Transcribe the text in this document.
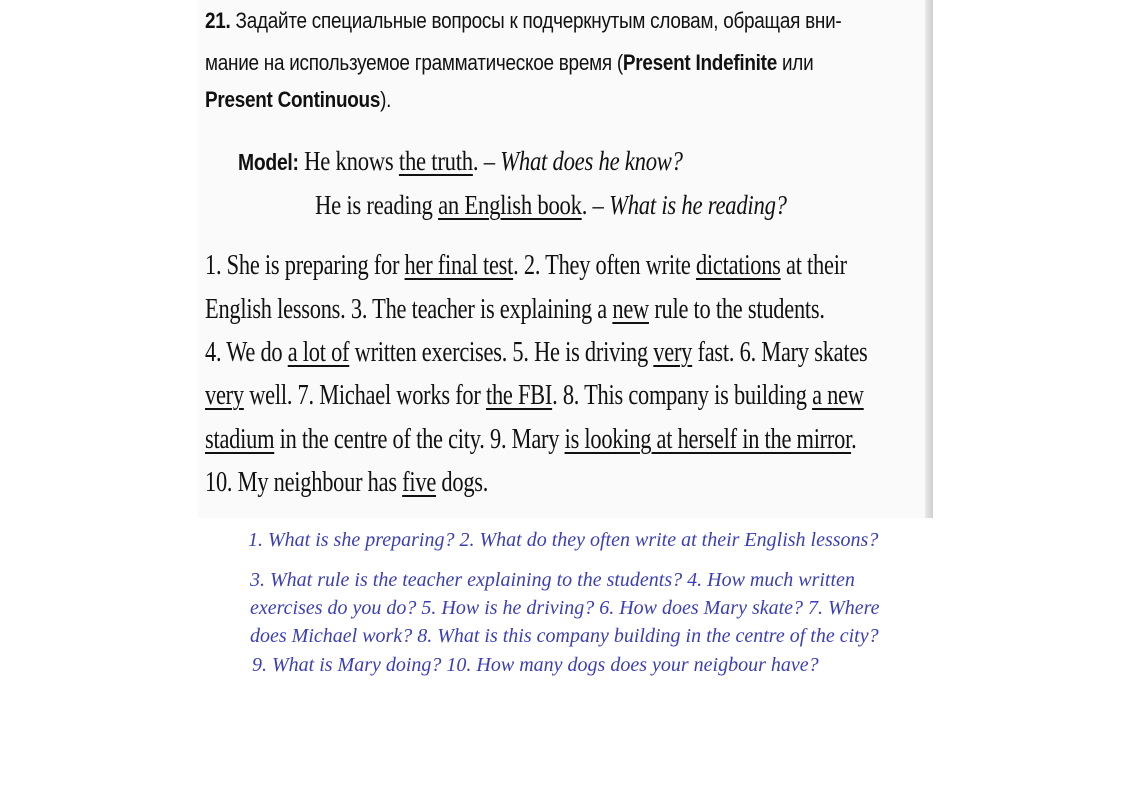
21. Задайте специальные вопросы к подчеркнутым словам, обращая вни-
мание на используемое грамматическое время (Present Indefinite или
Present Continuous).
Model: He knows the truth. – What does he know?
He is reading an English book. – What is he reading?
1. She is preparing for her final test. 2. They often write dictations at their
English lessons. 3. The teacher is explaining a new rule to the students.
4. We do a lot of written exercises. 5. He is driving very fast. 6. Mary skates
very well. 7. Michael works for the FBI. 8. This company is building a new
stadium in the centre of the city. 9. Mary is looking at herself in the mirror.
10. My neighbour has five dogs.
1. What is she preparing? 2. What do they often write at their English lessons?
3. What rule is the teacher explaining to the students? 4. How much written
exercises do you do? 5. How is he driving? 6. How does Mary skate? 7. Where
does Michael work? 8. What is this company building in the centre of the city?
9. What is Mary doing? 10. How many dogs does your neigbour have?
